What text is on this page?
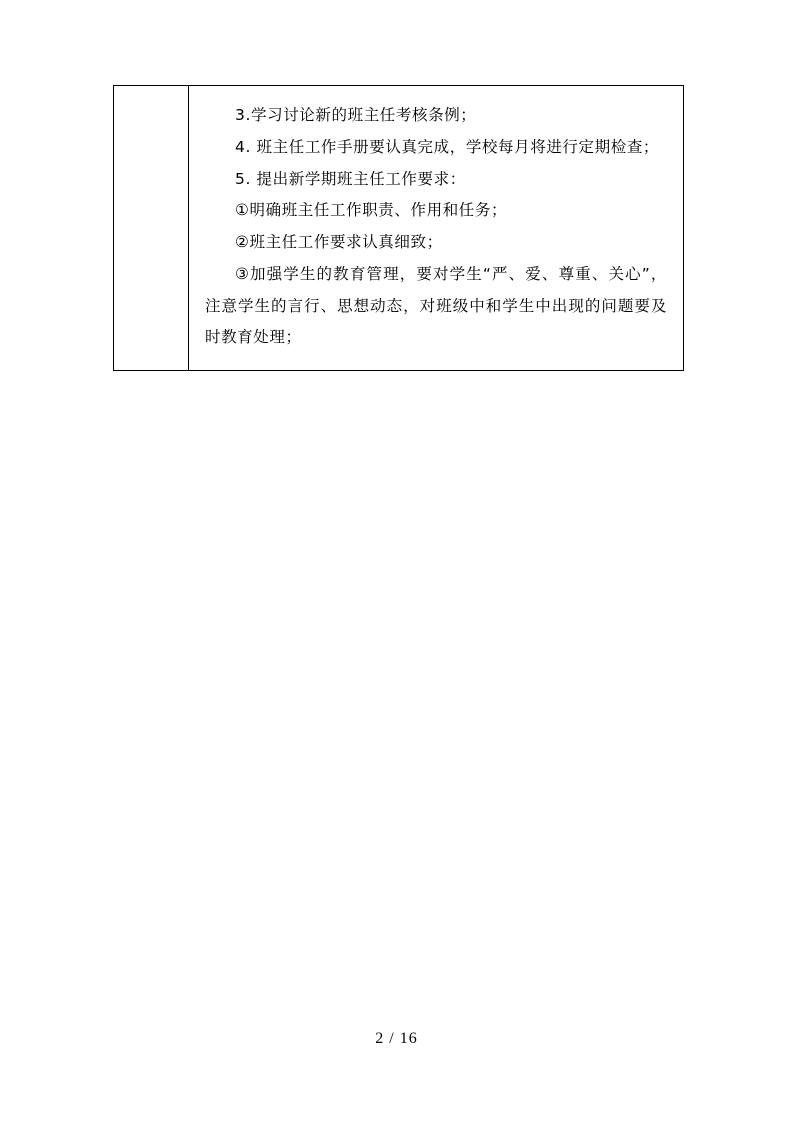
3.学习讨论新的班主任考核条例；

4. 班主任工作手册要认真完成，学校每月将进行定期检查；

5. 提出新学期班主任工作要求：

①明确班主任工作职责、作用和任务；

②班主任工作要求认真细致；

③加强学生的教育管理，要对学生“严、爱、尊重、关心”，注意学生的言行、思想动态，对班级中和学生中出现的问题要及时教育处理；

2 / 16
